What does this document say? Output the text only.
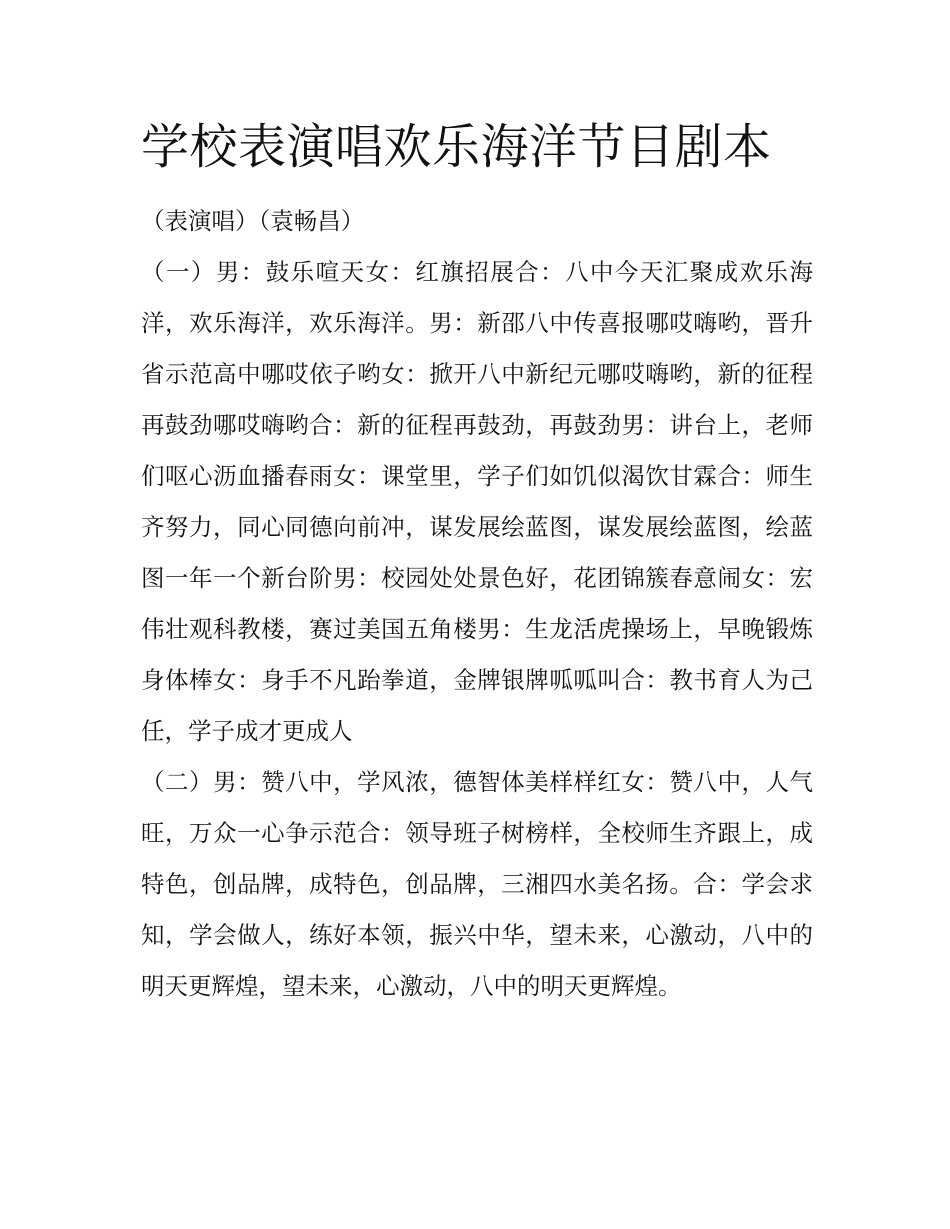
学校表演唱欢乐海洋节目剧本

（表演唱）（袁畅昌）

（一）男：鼓乐喧天女：红旗招展合：八中今天汇聚成欢乐海洋，欢乐海洋，欢乐海洋。男：新邵八中传喜报哪哎嗨哟，晋升省示范高中哪哎依子哟女：掀开八中新纪元哪哎嗨哟，新的征程再鼓劲哪哎嗨哟合：新的征程再鼓劲，再鼓劲男：讲台上，老师们呕心沥血播春雨女：课堂里，学子们如饥似渴饮甘霖合：师生齐努力，同心同德向前冲，谋发展绘蓝图，谋发展绘蓝图，绘蓝图一年一个新台阶男：校园处处景色好，花团锦簇春意闹女：宏伟壮观科教楼，赛过美国五角楼男：生龙活虎操场上，早晚锻炼身体棒女：身手不凡跆拳道，金牌银牌呱呱叫合：教书育人为己任，学子成才更成人

（二）男：赞八中，学风浓，德智体美样样红女：赞八中，人气旺，万众一心争示范合：领导班子树榜样，全校师生齐跟上，成特色，创品牌，成特色，创品牌，三湘四水美名扬。合：学会求知，学会做人，练好本领，振兴中华，望未来，心激动，八中的明天更辉煌，望未来，心激动，八中的明天更辉煌。
